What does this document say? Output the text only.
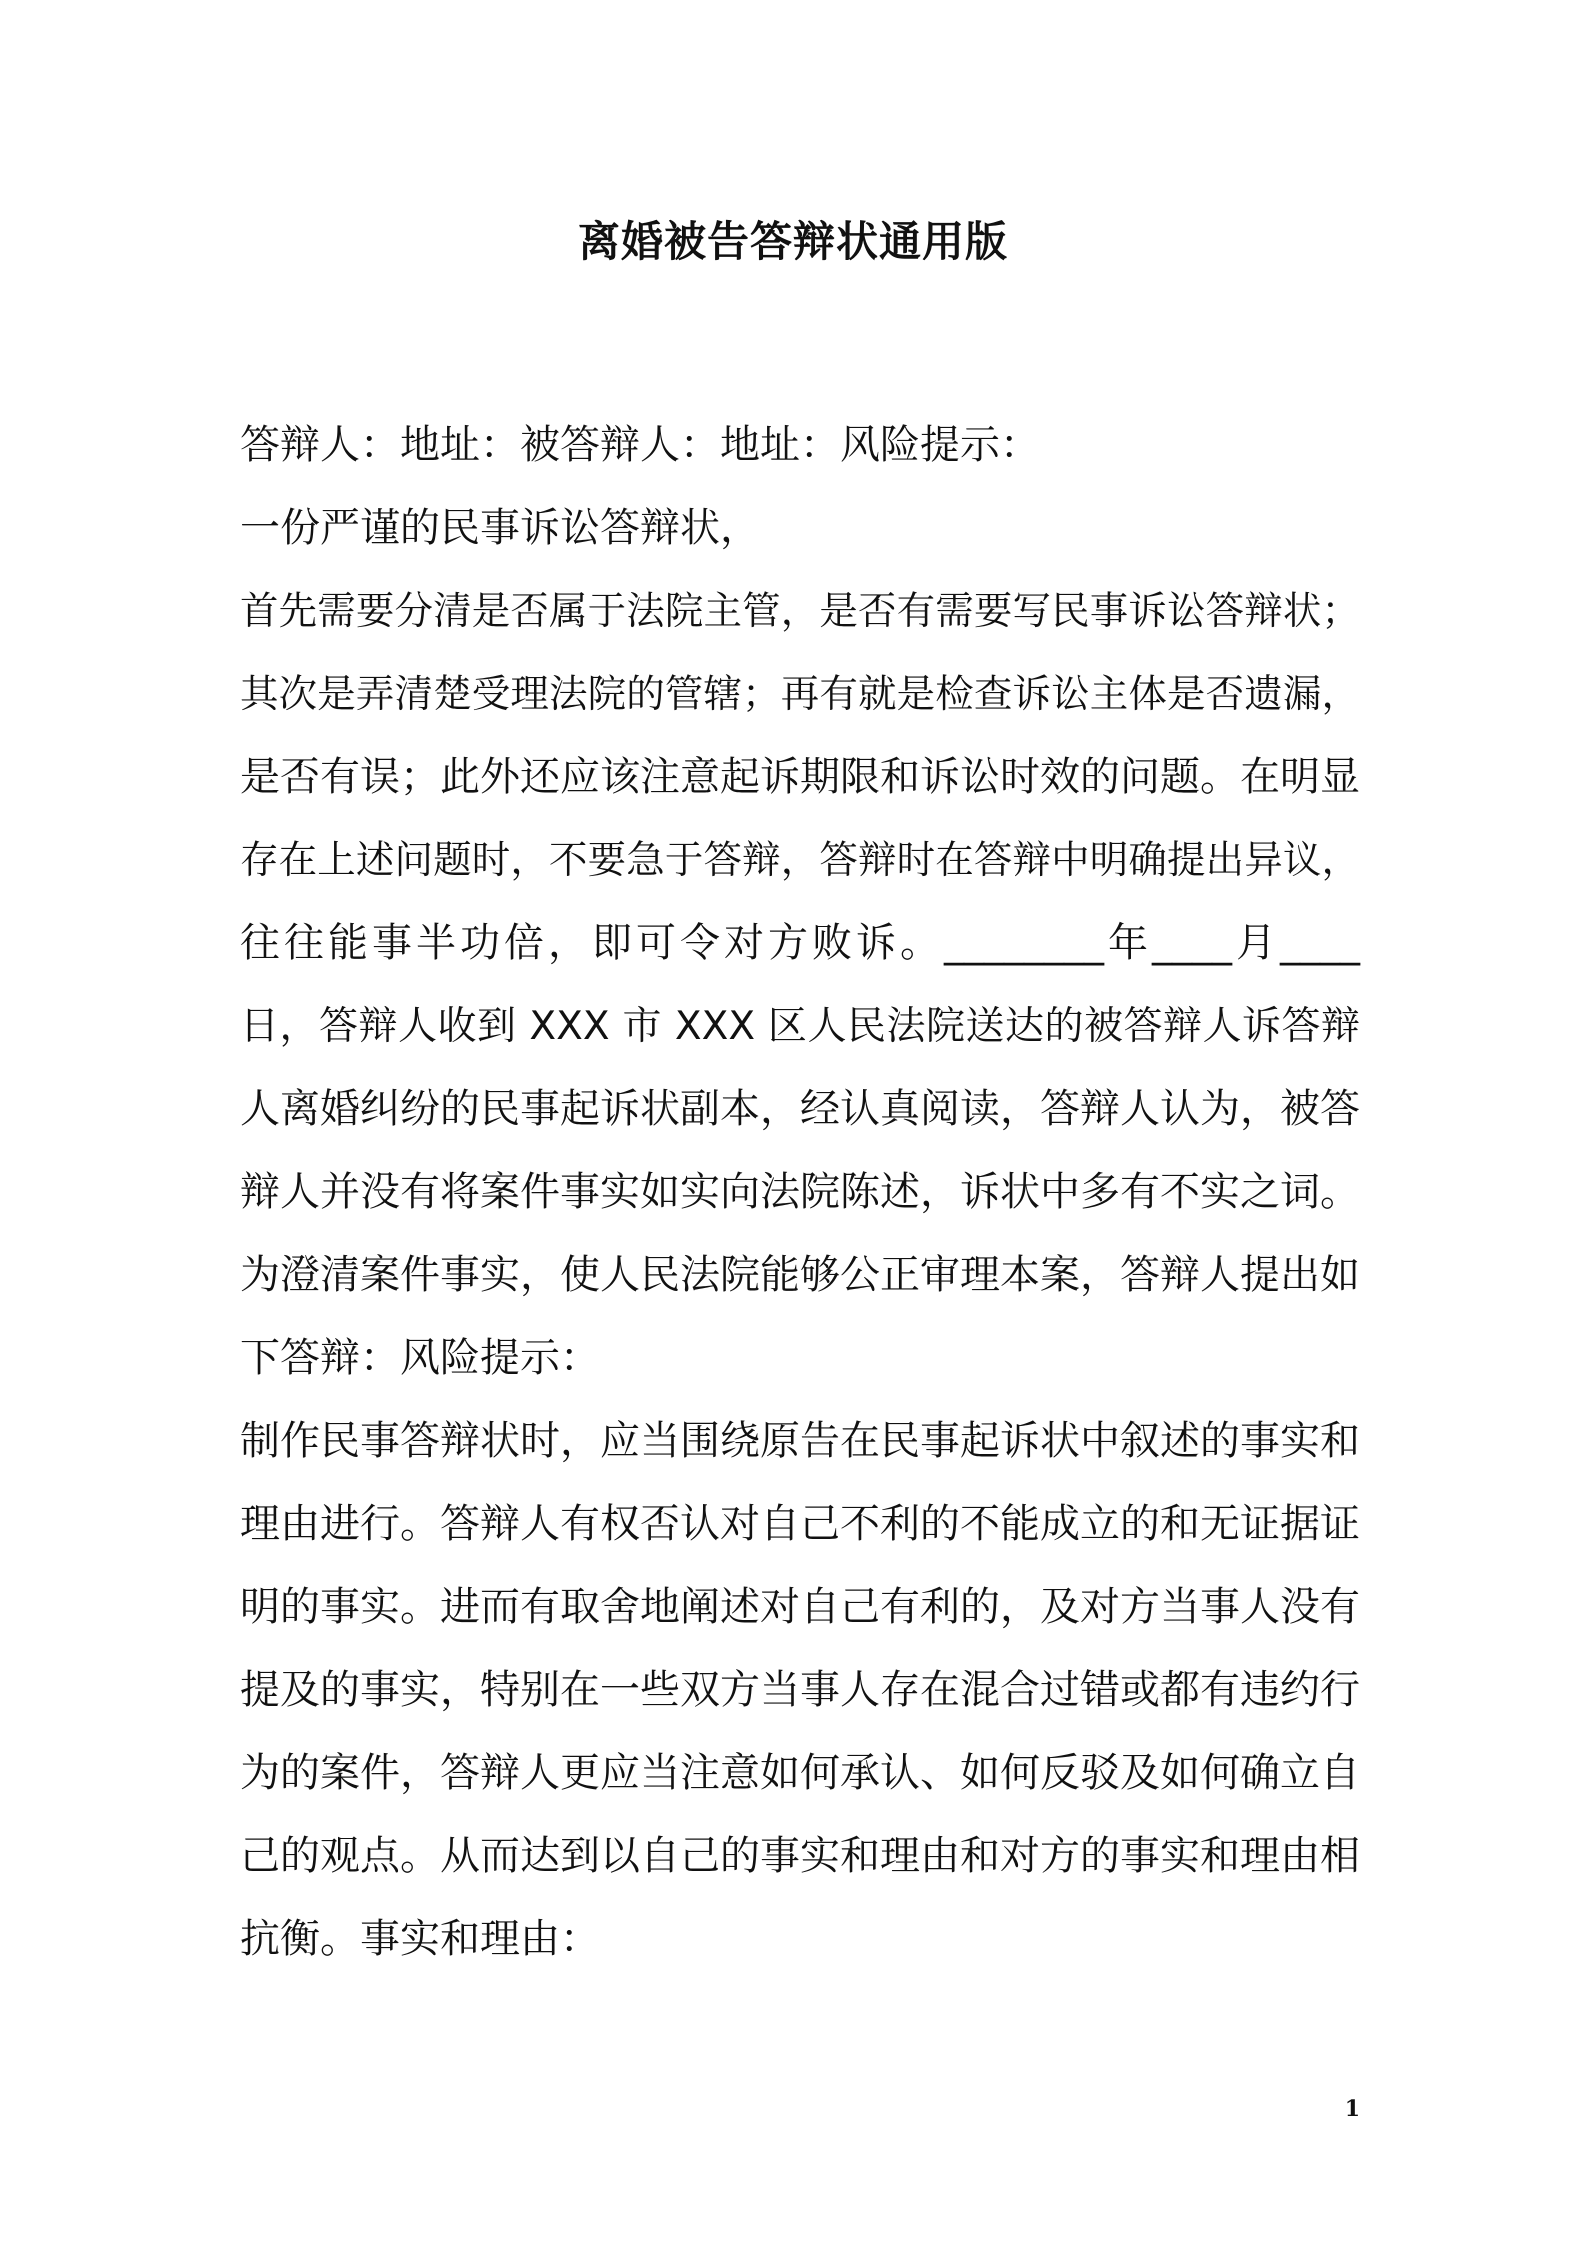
离婚被告答辩状通用版
答辩人：地址：被答辩人：地址：风险提示：
一份严谨的民事诉讼答辩状，
首先需要分清是否属于法院主管，是否有需要写民事诉讼答辩状；
其次是弄清楚受理法院的管辖；再有就是检查诉讼主体是否遗漏，
是否有误；此外还应该注意起诉期限和诉讼时效的问题。在明显
存在上述问题时，不要急于答辩，答辩时在答辩中明确提出异议，
往往能事半功倍，即可令对方败诉。________年____月____
日，答辩人收到 XXX 市 XXX 区人民法院送达的被答辩人诉答辩
人离婚纠纷的民事起诉状副本，经认真阅读，答辩人认为，被答
辩人并没有将案件事实如实向法院陈述，诉状中多有不实之词。
为澄清案件事实，使人民法院能够公正审理本案，答辩人提出如
下答辩：风险提示：
制作民事答辩状时，应当围绕原告在民事起诉状中叙述的事实和
理由进行。答辩人有权否认对自己不利的不能成立的和无证据证
明的事实。进而有取舍地阐述对自己有利的，及对方当事人没有
提及的事实，特别在一些双方当事人存在混合过错或都有违约行
为的案件，答辩人更应当注意如何承认、如何反驳及如何确立自
己的观点。从而达到以自己的事实和理由和对方的事实和理由相
抗衡。事实和理由：
1
